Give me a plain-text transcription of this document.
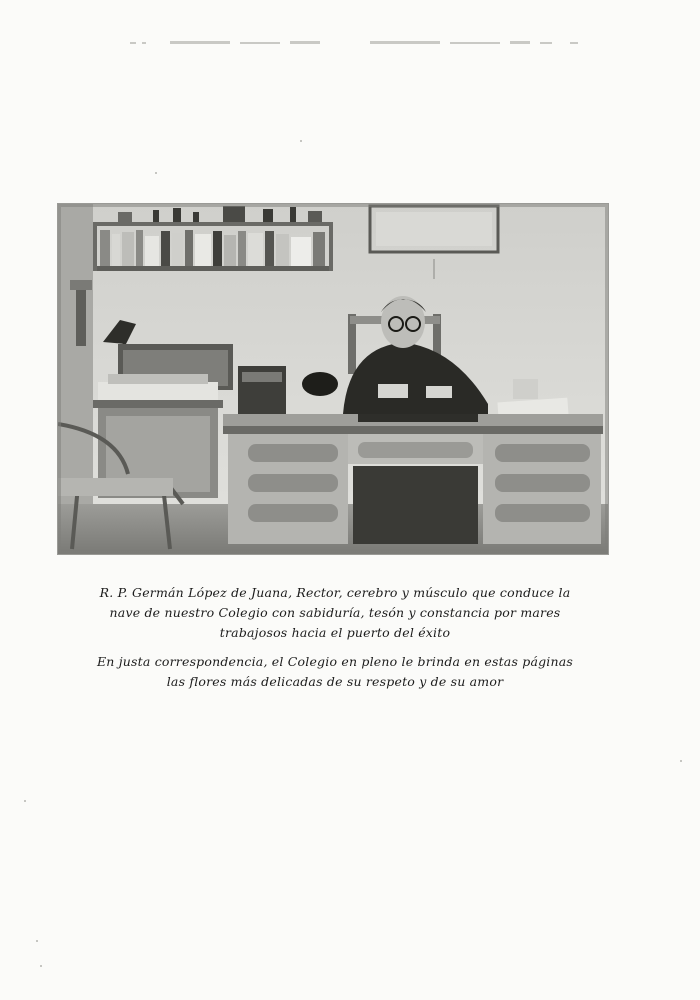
R. P. Germán López de Juana, Rector, cerebro y músculo que conduce la nave de nuestro Colegio con sabiduría, tesón y constancia por mares trabajosos hacia el puerto del éxito
En justa correspondencia, el Colegio en pleno le brinda en estas páginas las flores más delicadas de su respeto y de su amor
